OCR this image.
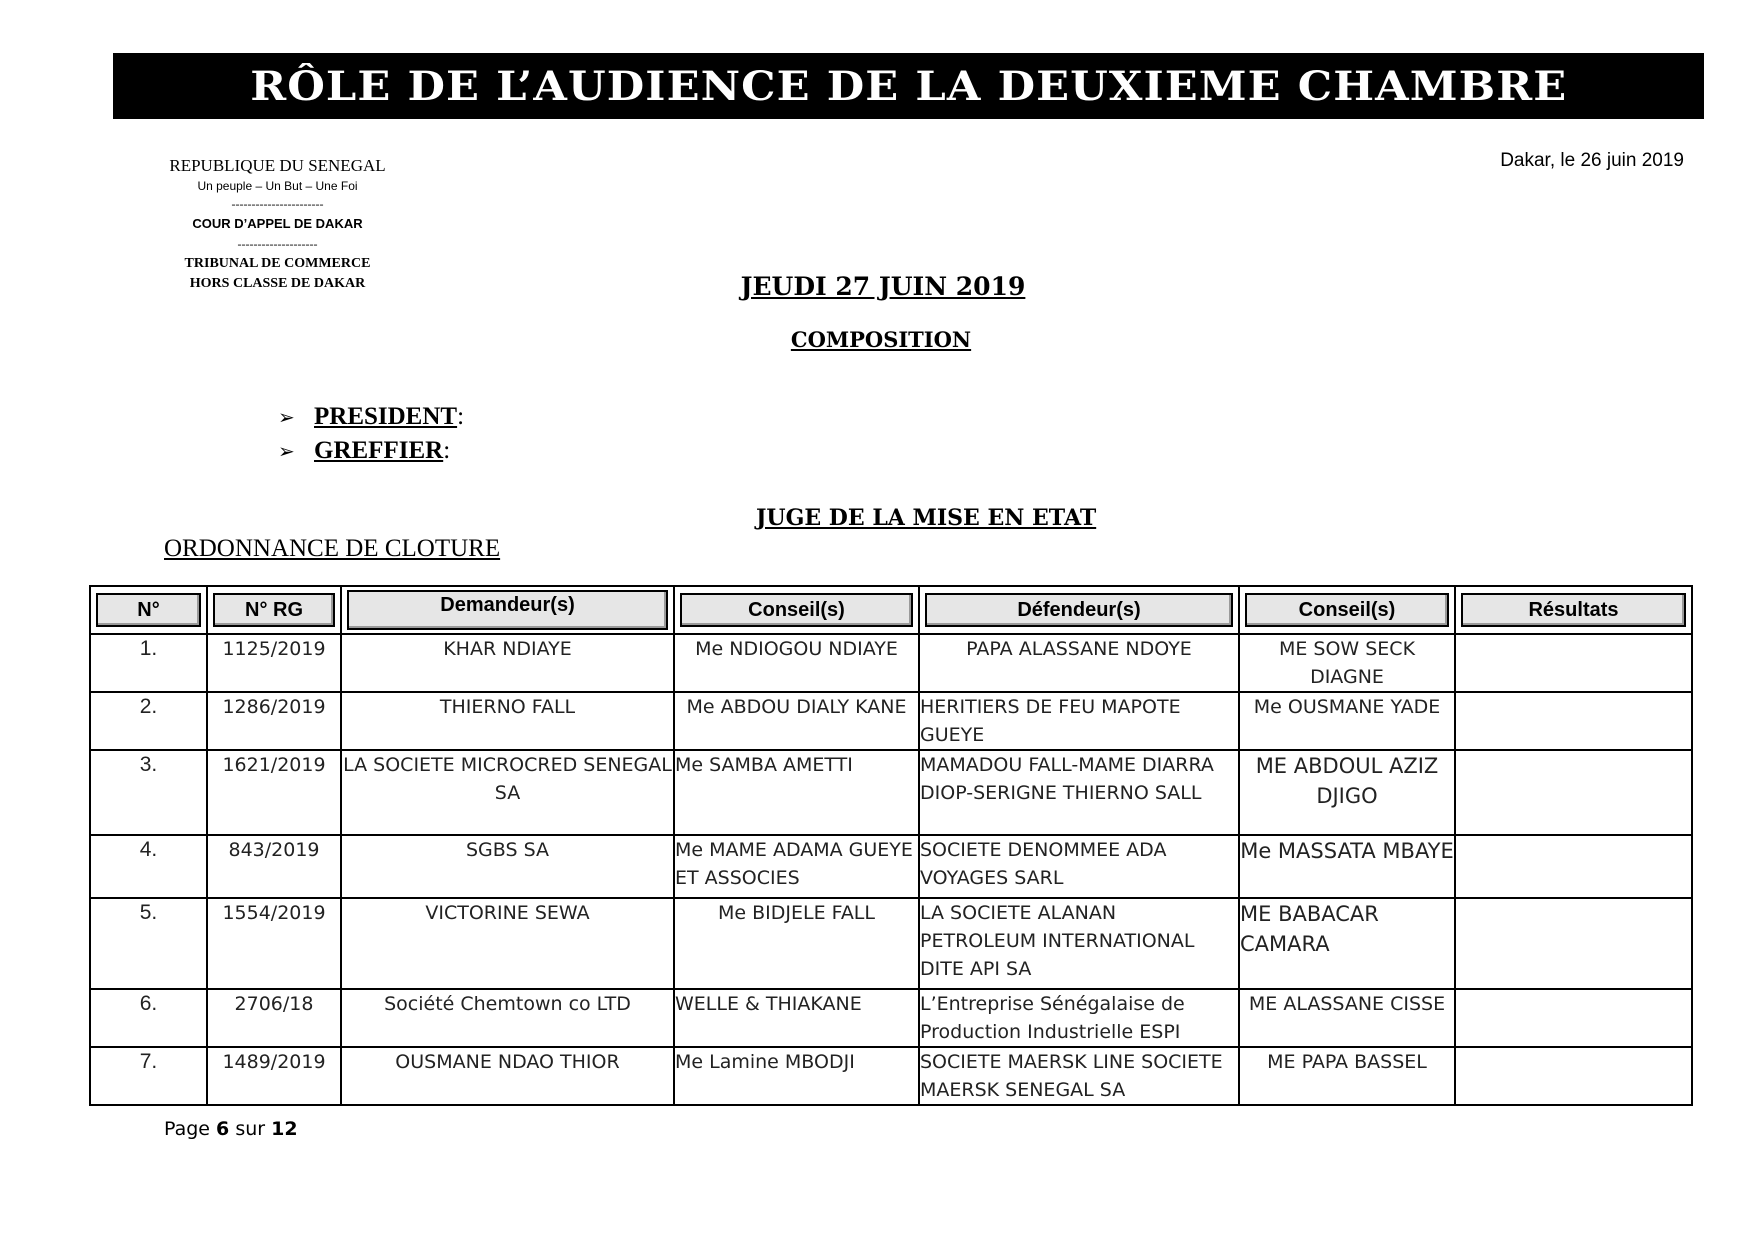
RÔLE DE L’AUDIENCE DE LA DEUXIEME CHAMBRE
REPUBLIQUE DU SENEGAL
Un peuple – Un But – Une Foi
-----------------------
COUR D’APPEL DE DAKAR
--------------------
TRIBUNAL DE COMMERCE
HORS CLASSE DE DAKAR
Dakar, le 26 juin 2019
JEUDI 27 JUIN 2019
COMPOSITION
➢ PRESIDENT :
➢ GREFFIER :
JUGE DE LA MISE EN ETAT
ORDONNANCE DE CLOTURE
N°	N° RG	Demandeur(s)	Conseil(s)	Défendeur(s)	Conseil(s)	Résultats

1.	1125/2019	KHAR NDIAYE	Me NDIOGOU NDIAYE	PAPA ALASSANE NDOYE	ME SOW SECK DIAGNE	
2.	1286/2019	THIERNO FALL	Me ABDOU DIALY KANE	HERITIERS DE FEU MAPOTE GUEYE	Me OUSMANE YADE	
3.	1621/2019	LA SOCIETE MICROCRED SENEGAL SA	Me SAMBA AMETTI	MAMADOU FALL-MAME DIARRA DIOP-SERIGNE THIERNO SALL	ME ABDOUL AZIZ DJIGO	
4.	843/2019	SGBS SA	Me MAME ADAMA GUEYE ET ASSOCIES	SOCIETE DENOMMEE ADA VOYAGES SARL	Me MASSATA MBAYE	
5.	1554/2019	VICTORINE SEWA	Me BIDJELE FALL	LA SOCIETE ALANAN PETROLEUM INTERNATIONAL DITE API SA	ME BABACAR CAMARA	
6.	2706/18	Société Chemtown co LTD	WELLE & THIAKANE	L’Entreprise Sénégalaise de Production Industrielle ESPI	ME ALASSANE CISSE	
7.	1489/2019	OUSMANE NDAO THIOR	Me Lamine MBODJI	SOCIETE MAERSK LINE SOCIETE MAERSK SENEGAL SA	ME PAPA BASSEL	
Page 6 sur 12
